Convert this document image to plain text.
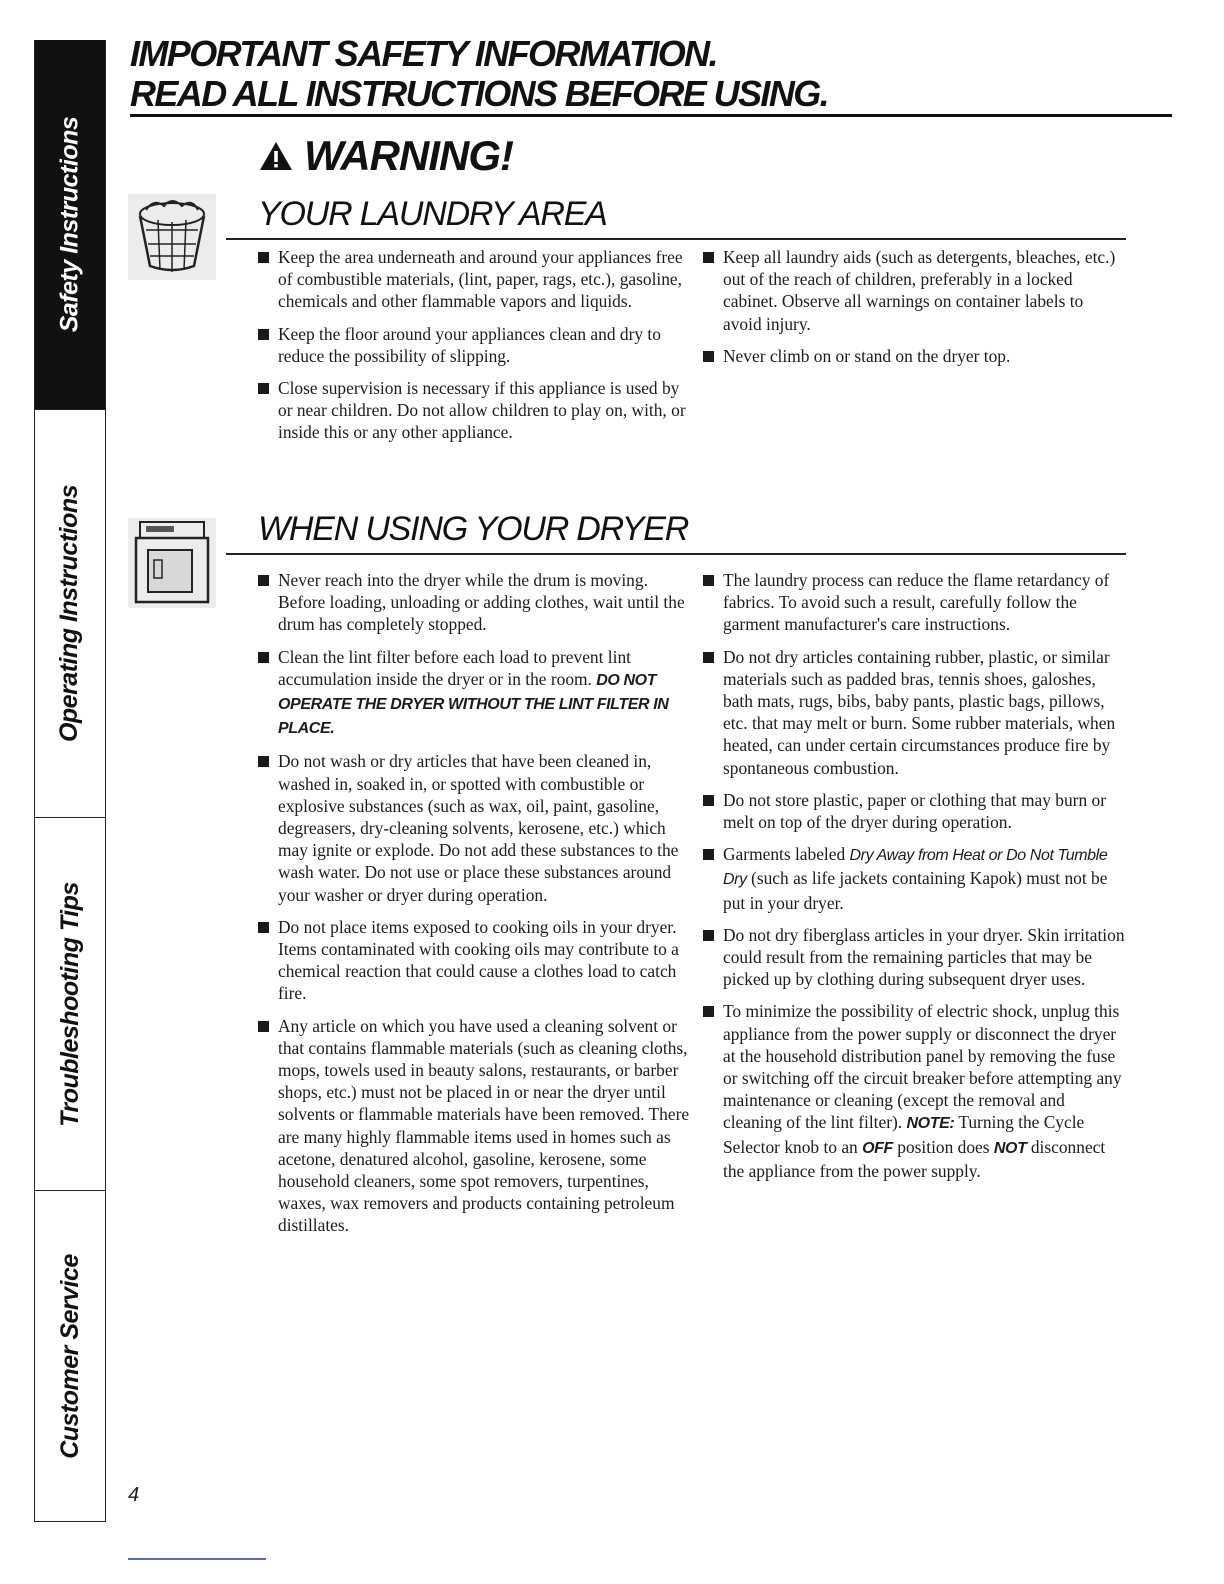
Safety Instructions
Operating Instructions
Troubleshooting Tips
Customer Service
IMPORTANT SAFETY INFORMATION.
READ ALL INSTRUCTIONS BEFORE USING.
WARNING!
YOUR LAUNDRY AREA
Keep the area underneath and around your appliances free of combustible materials, (lint, paper, rags, etc.), gasoline, chemicals and other flammable vapors and liquids.
Keep the floor around your appliances clean and dry to reduce the possibility of slipping.
Close supervision is necessary if this appliance is used by or near children. Do not allow children to play on, with, or inside this or any other appliance.
Keep all laundry aids (such as detergents, bleaches, etc.) out of the reach of children, preferably in a locked cabinet. Observe all warnings on container labels to avoid injury.
Never climb on or stand on the dryer top.
WHEN USING YOUR DRYER
Never reach into the dryer while the drum is moving. Before loading, unloading or adding clothes, wait until the drum has completely stopped.
Clean the lint filter before each load to prevent lint accumulation inside the dryer or in the room. DO NOT OPERATE THE DRYER WITHOUT THE LINT FILTER IN PLACE.
Do not wash or dry articles that have been cleaned in, washed in, soaked in, or spotted with combustible or explosive substances (such as wax, oil, paint, gasoline, degreasers, dry-cleaning solvents, kerosene, etc.) which may ignite or explode. Do not add these substances to the wash water. Do not use or place these substances around your washer or dryer during operation.
Do not place items exposed to cooking oils in your dryer. Items contaminated with cooking oils may contribute to a chemical reaction that could cause a clothes load to catch fire.
Any article on which you have used a cleaning solvent or that contains flammable materials (such as cleaning cloths, mops, towels used in beauty salons, restaurants, or barber shops, etc.) must not be placed in or near the dryer until solvents or flammable materials have been removed. There are many highly flammable items used in homes such as acetone, denatured alcohol, gasoline, kerosene, some household cleaners, some spot removers, turpentines, waxes, wax removers and products containing petroleum distillates.
The laundry process can reduce the flame retardancy of fabrics. To avoid such a result, carefully follow the garment manufacturer's care instructions.
Do not dry articles containing rubber, plastic, or similar materials such as padded bras, tennis shoes, galoshes, bath mats, rugs, bibs, baby pants, plastic bags, pillows, etc. that may melt or burn. Some rubber materials, when heated, can under certain circumstances produce fire by spontaneous combustion.
Do not store plastic, paper or clothing that may burn or melt on top of the dryer during operation.
Garments labeled Dry Away from Heat or Do Not Tumble Dry (such as life jackets containing Kapok) must not be put in your dryer.
Do not dry fiberglass articles in your dryer. Skin irritation could result from the remaining particles that may be picked up by clothing during subsequent dryer uses.
To minimize the possibility of electric shock, unplug this appliance from the power supply or disconnect the dryer at the household distribution panel by removing the fuse or switching off the circuit breaker before attempting any maintenance or cleaning (except the removal and cleaning of the lint filter). NOTE: Turning the Cycle Selector knob to an OFF position does NOT disconnect the appliance from the power supply.
4
